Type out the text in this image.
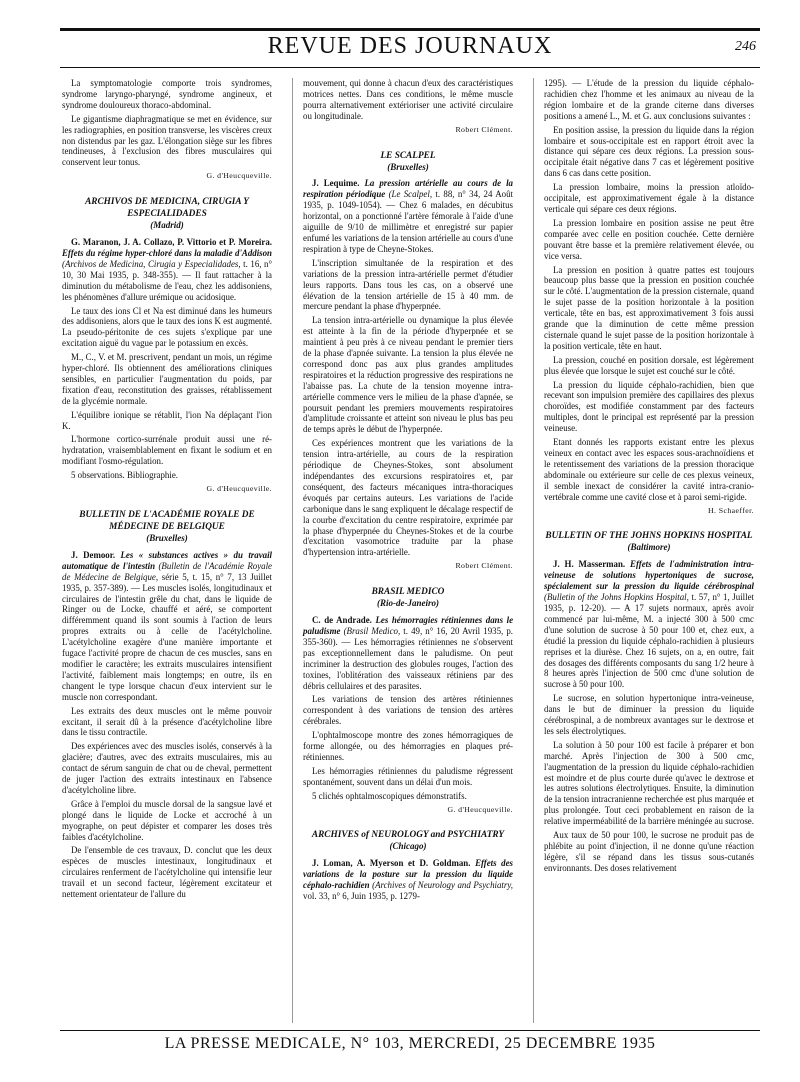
REVUE DES JOURNAUX	246

La symptomatologie comporte trois syndromes, syndrome laryngo-pharyngé, syndrome angineux, et syndrome douloureux thoraco-abdominal.

Le gigantisme diaphragmatique se met en évidence, sur les radiographies, en position transverse, les viscères creux non distendus par les gaz. L'élongation siège sur les fibres tendineuses, à l'exclusion des fibres musculaires qui conservent leur tonus.

G. d'Heucqueville.

ARCHIVOS DE MEDICINA, CIRUGIA Y ESPECIALIDADES

(Madrid)

G. Maranon, J. A. Collazo, P. Vittorio et P. Moreira. Effets du régime hyper-chloré dans la maladie d'Addison (Archivos de Medicina, Cirugia y Especialidades, t. 16, n° 10, 30 Mai 1935, p. 348-355). — Il faut rattacher à la diminution du métabolisme de l'eau, chez les addisoniens, les phénomènes d'allure urémique ou acidosique.

Le taux des ions Cl et Na est diminué dans les humeurs des addisoniens, alors que le taux des ions K est augmenté. La pseudo-péritonite de ces sujets s'explique par une excitation aiguë du vague par le potassium en excès.

M., C., V. et M. prescrivent, pendant un mois, un régime hyper-chloré. Ils obtiennent des améliorations cliniques sensibles, en particulier l'augmentation du poids, par fixation d'eau, reconstitution des graisses, rétablissement de la glycémie normale.

L'équilibre ionique se rétablit, l'ion Na déplaçant l'ion K.

L'hormone cortico-surrénale produit aussi une ré-hydratation, vraisemblablement en fixant le sodium et en modifiant l'osmo-régulation.

5 observations. Bibliographie.

G. d'Heucqueville.

BULLETIN DE L'ACADÉMIE ROYALE DE MÉDECINE DE BELGIQUE

(Bruxelles)

J. Demoor. Les « substances actives » du travail automatique de l'intestin (Bulletin de l'Académie Royale de Médecine de Belgique, série 5, t. 15, n° 7, 13 Juillet 1935, p. 357-389). — Les muscles isolés, longitudinaux et circulaires de l'intestin grêle du chat, dans le liquide de Ringer ou de Locke, chauffé et aéré, se comportent différemment quand ils sont soumis à l'action de leurs propres extraits ou à celle de l'acétylcholine. L'acétylcholine exagère d'une manière importante et fugace l'activité propre de chacun de ces muscles, sans en modifier le caractère; les extraits musculaires intensifient l'activité, faiblement mais longtemps; en outre, ils en changent le type lorsque chacun d'eux intervient sur le muscle non correspondant.

Les extraits des deux muscles ont le même pouvoir excitant, il serait dû à la présence d'acétylcholine libre dans le tissu contractile.

Des expériences avec des muscles isolés, conservés à la glacière; d'autres, avec des extraits musculaires, mis au contact de sérum sanguin de chat ou de cheval, permettent de juger l'action des extraits intestinaux en l'absence d'acétylcholine libre.

Grâce à l'emploi du muscle dorsal de la sangsue lavé et plongé dans le liquide de Locke et accroché à un myographe, on peut dépister et comparer les doses très faibles d'acétylcholine.

De l'ensemble de ces travaux, D. conclut que les deux espèces de muscles intestinaux, longitudinaux et circulaires renferment de l'acétylcholine qui intensifie leur travail et un second facteur, légèrement excitateur et nettement orientateur de l'allure du

mouvement, qui donne à chacun d'eux des caractéristiques motrices nettes. Dans ces conditions, le même muscle pourra alternativement extérioriser une activité circulaire ou longitudinale.

Robert Clément.

LE SCALPEL

(Bruxelles)

J. Lequime. La pression artérielle au cours de la respiration périodique (Le Scalpel, t. 88, n° 34, 24 Août 1935, p. 1049-1054). — Chez 6 malades, en décubitus horizontal, on a ponctionné l'artère fémorale à l'aide d'une aiguille de 9/10 de millimètre et enregistré sur papier enfumé les variations de la tension artérielle au cours d'une respiration à type de Cheyne-Stokes.

L'inscription simultanée de la respiration et des variations de la pression intra-artérielle permet d'étudier leurs rapports. Dans tous les cas, on a observé une élévation de la tension artérielle de 15 à 40 mm. de mercure pendant la phase d'hyperpnée.

La tension intra-artérielle ou dynamique la plus élevée est atteinte à la fin de la période d'hyperpnée et se maintient à peu près à ce niveau pendant le premier tiers de la phase d'apnée suivante. La tension la plus élevée ne correspond donc pas aux plus grandes amplitudes respiratoires et la réduction progressive des respirations ne l'abaisse pas. La chute de la tension moyenne intra-artérielle commence vers le milieu de la phase d'apnée, se poursuit pendant les premiers mouvements respiratoires d'amplitude croissante et atteint son niveau le plus bas peu de temps après le début de l'hyperpnée.

Ces expériences montrent que les variations de la tension intra-artérielle, au cours de la respiration périodique de Cheynes-Stokes, sont absolument indépendantes des excursions respiratoires et, par conséquent, des facteurs mécaniques intra-thoraciques évoqués par certains auteurs. Les variations de l'acide carbonique dans le sang expliquent le décalage respectif de la courbe d'excitation du centre respiratoire, exprimée par la phase d'hyperpnée du Cheynes-Stokes et de la courbe d'excitation vasomotrice traduite par la phase d'hypertension intra-artérielle.

Robert Clément.

BRASIL MEDICO

(Rio-de-Janeiro)

C. de Andrade. Les hémorragies rétiniennes dans le paludisme (Brasil Medico, t. 49, n° 16, 20 Avril 1935, p. 355-360). — Les hémorragies rétiniennes ne s'observent pas exceptionnellement dans le paludisme. On peut incriminer la destruction des globules rouges, l'action des toxines, l'oblitération des vaisseaux rétiniens par des débris cellulaires et des parasites.

Les variations de tension des artères rétiniennes correspondent à des variations de tension des artères cérébrales.

L'ophtalmoscope montre des zones hémorragiques de forme allongée, ou des hémorragies en plaques pré-rétiniennes.

Les hémorragies rétiniennes du paludisme régressent spontanément, souvent dans un délai d'un mois.

5 clichés ophtalmoscopiques démonstratifs.

G. d'Heucqueville.

ARCHIVES of NEUROLOGY and PSYCHIATRY

(Chicago)

J. Loman, A. Myerson et D. Goldman. Effets des variations de la posture sur la pression du liquide céphalo-rachidien (Archives of Neurology and Psychiatry, vol. 33, n° 6, Juin 1935, p. 1279-

1295). — L'étude de la pression du liquide céphalo-rachidien chez l'homme et les animaux au niveau de la région lombaire et de la grande citerne dans diverses positions a amené L., M. et G. aux conclusions suivantes :

En position assise, la pression du liquide dans la région lombaire et sous-occipitale est en rapport étroit avec la distance qui sépare ces deux régions. La pression sous-occipitale était négative dans 7 cas et légèrement positive dans 6 cas dans cette position.

La pression lombaire, moins la pression atloïdo-occipitale, est approximativement égale à la distance verticale qui sépare ces deux régions.

La pression lombaire en position assise ne peut être comparée avec celle en position couchée. Cette dernière pouvant être basse et la première relativement élevée, ou vice versa.

La pression en position à quatre pattes est toujours beaucoup plus basse que la pression en position couchée sur le côté. L'augmentation de la pression cisternale, quand le sujet passe de la position horizontale à la position verticale, tête en bas, est approximativement 3 fois aussi grande que la diminution de cette même pression cisternale quand le sujet passe de la position horizontale à la position verticale, tête en haut.

La pression, couché en position dorsale, est légèrement plus élevée que lorsque le sujet est couché sur le côté.

La pression du liquide céphalo-rachidien, bien que recevant son impulsion première des capillaires des plexus choroïdes, est modifiée constamment par des facteurs multiples, dont le principal est représenté par la pression veineuse.

Etant donnés les rapports existant entre les plexus veineux en contact avec les espaces sous-arachnoïdiens et le retentissement des variations de la pression thoracique abdominale ou extérieure sur celle de ces plexus veineux, il semble inexact de considérer la cavité intra-cranio-vertébrale comme une cavité close et à paroi semi-rigide.

H. Schaeffer.

BULLETIN OF THE JOHNS HOPKINS HOSPITAL

(Baltimore)

J. H. Masserman. Effets de l'administration intra-veineuse de solutions hypertoniques de sucrose, spécialement sur la pression du liquide cérébrospinal (Bulletin of the Johns Hopkins Hospital, t. 57, n° 1, Juillet 1935, p. 12-20). — A 17 sujets normaux, après avoir commencé par lui-même, M. a injecté 300 à 500 cmc d'une solution de sucrose à 50 pour 100 et, chez eux, a étudié la pression du liquide céphalo-rachidien à plusieurs reprises et la diurèse. Chez 16 sujets, on a, en outre, fait des dosages des différents composants du sang 1/2 heure à 8 heures après l'injection de 500 cmc d'une solution de sucrose à 50 pour 100.

Le sucrose, en solution hypertonique intra-veineuse, dans le but de diminuer la pression du liquide cérébrospinal, a de nombreux avantages sur le dextrose et les sels électrolytiques.

La solution à 50 pour 100 est facile à préparer et bon marché. Après l'injection de 300 à 500 cmc, l'augmentation de la pression du liquide céphalo-rachidien est moindre et de plus courte durée qu'avec le dextrose et les autres solutions électrolytiques. Ensuite, la diminution de la tension intracranienne recherchée est plus marquée et plus prolongée. Tout ceci probablement en raison de la relative imperméabilité de la barrière méningée au sucrose.

Aux taux de 50 pour 100, le sucrose ne produit pas de phlébite au point d'injection, il ne donne qu'une réaction légère, s'il se répand dans les tissus sous-cutanés environnants. Des doses relativement

LA PRESSE MEDICALE, N° 103, MERCREDI, 25 DECEMBRE 1935
